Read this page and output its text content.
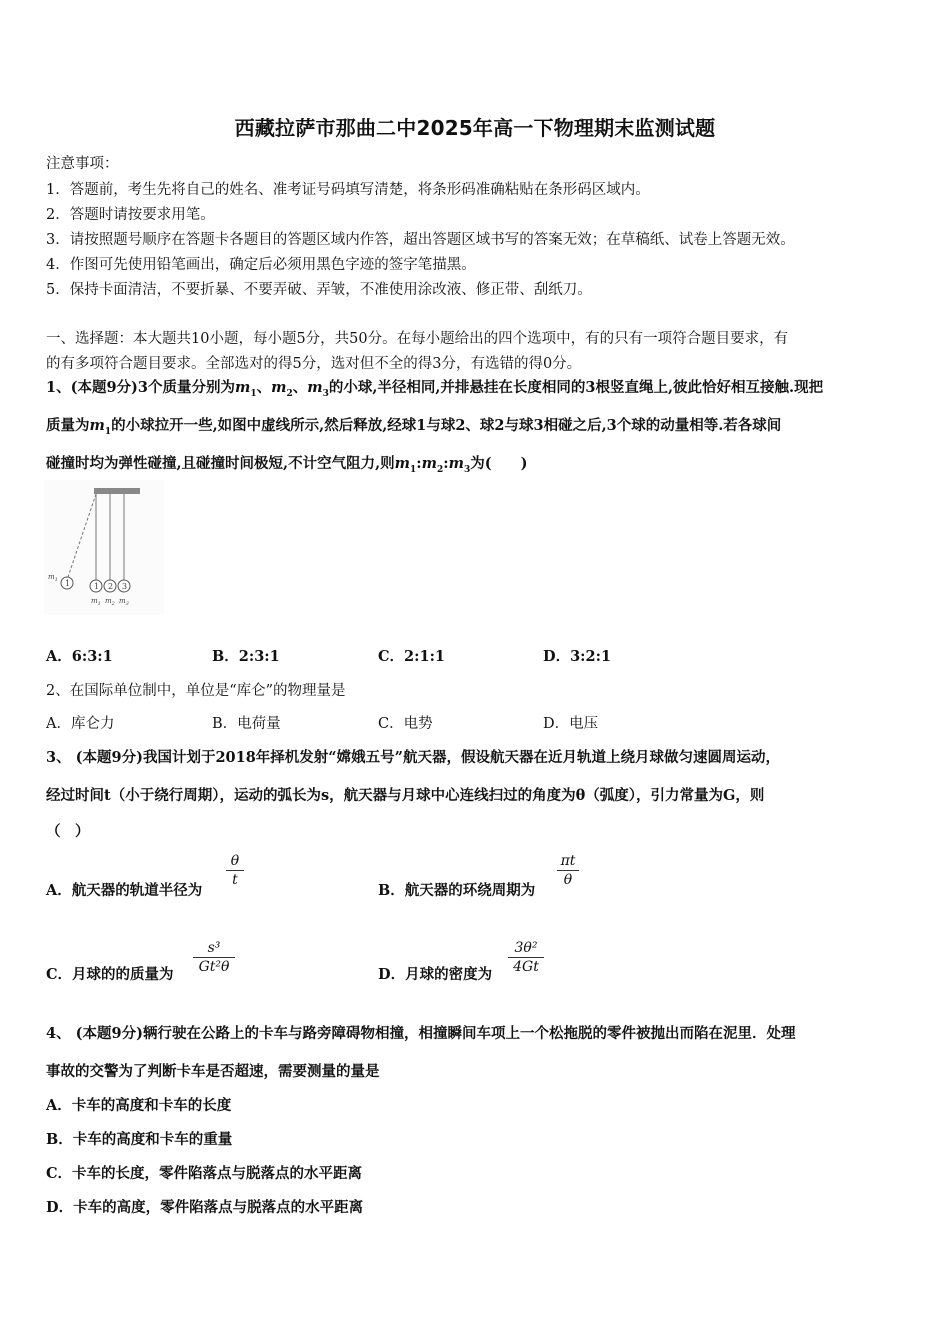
西藏拉萨市那曲二中2025年高一下物理期末监测试题
注意事项：
1．答题前，考生先将自己的姓名、准考证号码填写清楚，将条形码准确粘贴在条形码区域内。
2．答题时请按要求用笔。
3．请按照题号顺序在答题卡各题目的答题区域内作答，超出答题区域书写的答案无效；在草稿纸、试卷上答题无效。
4．作图可先使用铅笔画出，确定后必须用黑色字迹的签字笔描黑。
5．保持卡面清洁，不要折暴、不要弄破、弄皱，不准使用涂改液、修正带、刮纸刀。
一、选择题：本大题共10小题，每小题5分，共50分。在每小题给出的四个选项中，有的只有一项符合题目要求，有
的有多项符合题目要求。全部选对的得5分，选对但不全的得3分，有选错的得0分。
1、(本题9分)3个质量分别为$m_1$、$m_2$、$m_3$的小球,半径相同,并排悬挂在长度相同的3根竖直绳上,彼此恰好相互接触.现把
质量为$m_1$的小球拉开一些,如图中虚线所示,然后释放,经球1与球2、球2与球3相碰之后,3个球的动量相等.若各球间
碰撞时均为弹性碰撞,且碰撞时间极短,不计空气阻力,则$m_1:m_2:m_3$为(　　)
1
$m_1$
1 2 3
$m_1$ $m_2$ $m_3$
A．6:3:1	B．2:3:1	C．2:1:1	D．3:2:1
2、在国际单位制中，单位是“库仑”的物理量是
A．库仑力	B．电荷量	C．电势	D．电压
3、 (本题9分)我国计划于2018年择机发射“嫦娥五号”航天器，假设航天器在近月轨道上绕月球做匀速圆周运动，
经过时间t（小于绕行周期），运动的弧长为s，航天器与月球中心连线扫过的角度为θ（弧度），引力常量为G，则
（　）
A．航天器的轨道半径为
θ
t
B．航天器的环绕周期为
πt
θ
C．月球的的质量为
s³
Gt²θ	D．月球的密度为
3θ²
4Gt
4、 (本题9分)辆行驶在公路上的卡车与路旁障碍物相撞，相撞瞬间车项上一个松拖脱的零件被抛出而陷在泥里．处理
事故的交警为了判断卡车是否超速，需要测量的量是
A．卡车的高度和卡车的长度
B．卡车的高度和卡车的重量
C．卡车的长度，零件陷落点与脱落点的水平距离
D．卡车的高度，零件陷落点与脱落点的水平距离
